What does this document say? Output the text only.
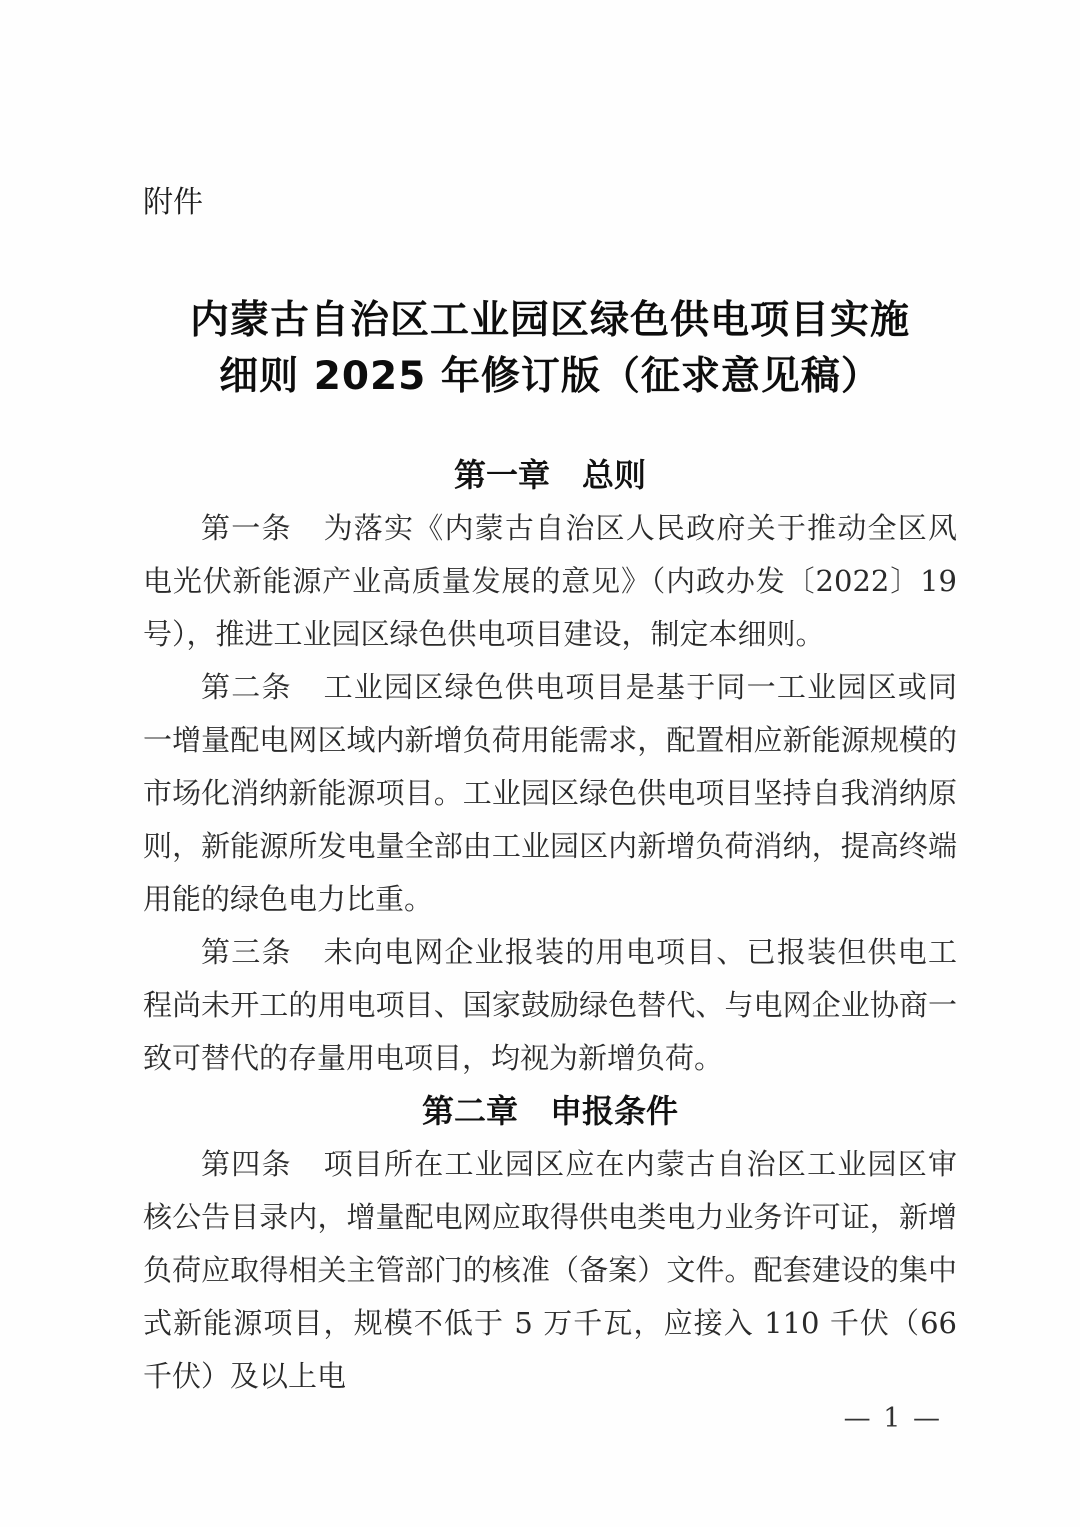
附件
内蒙古自治区工业园区绿色供电项目实施
细则 2025 年修订版（征求意见稿）
第一章　总则

第一条 为落实《内蒙古自治区人民政府关于推动全区风电光伏新能源产业高质量发展的意见》（内政办发〔2022〕19 号），推进工业园区绿色供电项目建设，制定本细则。

第二条 工业园区绿色供电项目是基于同一工业园区或同一增量配电网区域内新增负荷用能需求，配置相应新能源规模的市场化消纳新能源项目。工业园区绿色供电项目坚持自我消纳原则，新能源所发电量全部由工业园区内新增负荷消纳，提高终端用能的绿色电力比重。

第三条 未向电网企业报装的用电项目、已报装但供电工程尚未开工的用电项目、国家鼓励绿色替代、与电网企业协商一致可替代的存量用电项目，均视为新增负荷。

第二章　申报条件

第四条 项目所在工业园区应在内蒙古自治区工业园区审核公告目录内，增量配电网应取得供电类电力业务许可证，新增负荷应取得相关主管部门的核准（备案）文件。配套建设的集中式新能源项目，规模不低于 5 万千瓦，应接入 110 千伏（66 千伏）及以上电

— 1 —
